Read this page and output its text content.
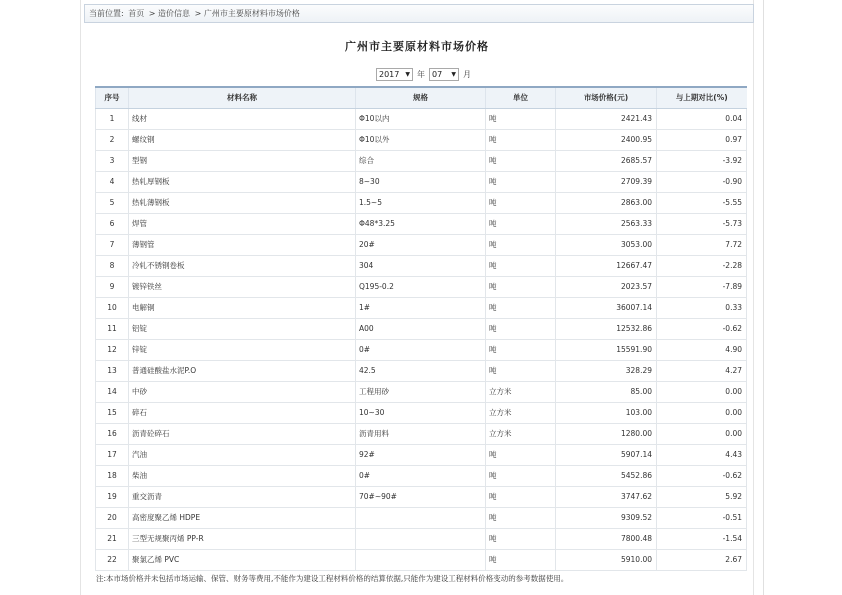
当前位置: 首页 > 造价信息 > 广州市主要原材料市场价格
广州市主要原材料市场价格
2017 ▼ 年 07 ▼ 月
序号	材料名称	规格	单位	市场价格(元)	与上期对比(%)
1	线材	Φ10以内	吨	2421.43	0.04
2	螺纹钢	Φ10以外	吨	2400.95	0.97
3	型钢	综合	吨	2685.57	-3.92
4	热轧厚钢板	8~30	吨	2709.39	-0.90
5	热轧薄钢板	1.5~5	吨	2863.00	-5.55
6	焊管	Φ48*3.25	吨	2563.33	-5.73
7	薄钢管	20#	吨	3053.00	7.72
8	冷轧不锈钢卷板	304	吨	12667.47	-2.28
9	镀锌铁丝	Q195-0.2	吨	2023.57	-7.89
10	电解铜	1#	吨	36007.14	0.33
11	铝锭	A00	吨	12532.86	-0.62
12	锌锭	0#	吨	15591.90	4.90
13	普通硅酸盐水泥P.O	42.5	吨	328.29	4.27
14	中砂	工程用砂	立方米	85.00	0.00
15	碎石	10~30	立方米	103.00	0.00
16	沥青砼碎石	沥青用料	立方米	1280.00	0.00
17	汽油	92#	吨	5907.14	4.43
18	柴油	0#	吨	5452.86	-0.62
19	重交沥青	70#~90#	吨	3747.62	5.92
20	高密度聚乙烯 HDPE		吨	9309.52	-0.51
21	三型无规聚丙烯 PP-R		吨	7800.48	-1.54
22	聚氯乙烯 PVC		吨	5910.00	2.67
注:本市场价格并未包括市场运输、保管、财务等费用,不能作为建设工程材料价格的结算依据,只能作为建设工程材料价格变动的参考数据使用。
